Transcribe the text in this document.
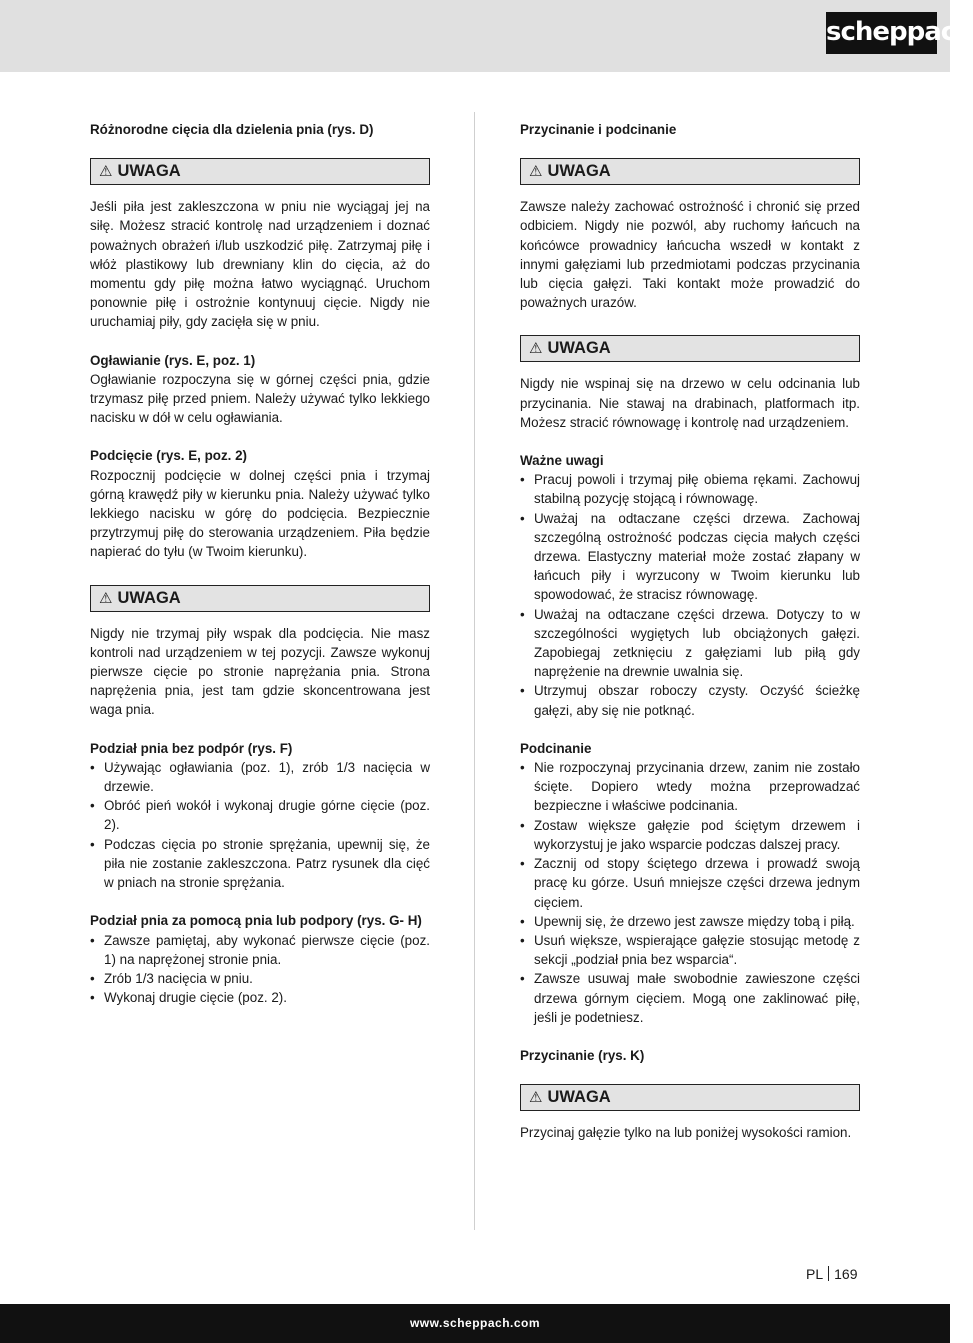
scheppach

Różnorodne cięcia dla dzielenia pnia (rys. D)

⚠ UWAGA

Jeśli piła jest zakleszczona w pniu nie wyciągaj jej na siłę. Możesz stracić kontrolę nad urządzeniem i doznać poważnych obrażeń i/lub uszkodzić piłę. Zatrzymaj piłę i włóż plastikowy lub drewniany klin do cięcia, aż do momentu gdy piłę można łatwo wyciągnąć. Uruchom ponownie piłę i ostrożnie kontynuuj cięcie. Nigdy nie uruchamiaj piły, gdy zacięła się w pniu.

Ogławianie (rys. E, poz. 1)

Ogławianie rozpoczyna się w górnej części pnia, gdzie trzymasz piłę przed pniem. Należy używać tylko lekkiego nacisku w dół w celu ogławiania.

Podcięcie (rys. E, poz. 2)

Rozpocznij podcięcie w dolnej części pnia i trzymaj górną krawędź piły w kierunku pnia. Należy używać tylko lekkiego nacisku w górę do podcięcia. Bezpiecznie przytrzymuj piłę do sterowania urządzeniem. Piła będzie napierać do tyłu (w Twoim kierunku).

⚠ UWAGA

Nigdy nie trzymaj piły wspak dla podcięcia. Nie masz kontroli nad urządzeniem w tej pozycji. Zawsze wykonuj pierwsze cięcie po stronie naprężania pnia. Strona naprężenia pnia, jest tam gdzie skoncentrowana jest waga pnia.

Podział pnia bez podpór (rys. F)

• Używając ogławiania (poz. 1), zrób 1/3 nacięcia w drzewie.
• Obróć pień wokół i wykonaj drugie górne cięcie (poz. 2).
• Podczas cięcia po stronie sprężania, upewnij się, że piła nie zostanie zakleszczona. Patrz rysunek dla cięć w pniach na stronie sprężania.

Podział pnia za pomocą pnia lub podpory (rys. G- H)

• Zawsze pamiętaj, aby wykonać pierwsze cięcie (poz. 1) na naprężonej stronie pnia.
• Zrób 1/3 nacięcia w pniu.
• Wykonaj drugie cięcie (poz. 2).

Przycinanie i podcinanie

⚠ UWAGA

Zawsze należy zachować ostrożność i chronić się przed odbiciem. Nigdy nie pozwól, aby ruchomy łańcuch na końcówce prowadnicy łańcucha wszedł w kontakt z innymi gałęziami lub przedmiotami podczas przycinania lub cięcia gałęzi. Taki kontakt może prowadzić do poważnych urazów.

⚠ UWAGA

Nigdy nie wspinaj się na drzewo w celu odcinania lub przycinania. Nie stawaj na drabinach, platformach itp. Możesz stracić równowagę i kontrolę nad urządzeniem.

Ważne uwagi

• Pracuj powoli i trzymaj piłę obiema rękami. Zachowuj stabilną pozycję stojącą i równowagę.
• Uważaj na odtaczane części drzewa. Zachowaj szczególną ostrożność podczas cięcia małych części drzewa. Elastyczny materiał może zostać złapany w łańcuch piły i wyrzucony w Twoim kierunku lub spowodować, że stracisz równowagę.
• Uważaj na odtaczane części drzewa. Dotyczy to w szczególności wygiętych lub obciążonych gałęzi. Zapobiegaj zetknięciu z gałęziami lub piłą gdy naprężenie na drewnie uwalnia się.
• Utrzymuj obszar roboczy czysty. Oczyść ścieżkę gałęzi, aby się nie potknąć.

Podcinanie

• Nie rozpoczynaj przycinania drzew, zanim nie zostało ścięte. Dopiero wtedy można przeprowadzać bezpieczne i właściwe podcinania.
• Zostaw większe gałęzie pod ściętym drzewem i wykorzystuj je jako wsparcie podczas dalszej pracy.
• Zacznij od stopy ściętego drzewa i prowadź swoją pracę ku górze. Usuń mniejsze części drzewa jednym cięciem.
• Upewnij się, że drzewo jest zawsze między tobą i piłą.
• Usuń większe, wspierające gałęzie stosując metodę z sekcji „podział pnia bez wsparcia“.
• Zawsze usuwaj małe swobodnie zawieszone części drzewa górnym cięciem. Mogą one zaklinować piłę, jeśli je podetniesz.

Przycinanie (rys. K)

⚠ UWAGA

Przycinaj gałęzie tylko na lub poniżej wysokości ramion.

PL 169
www.scheppach.com
